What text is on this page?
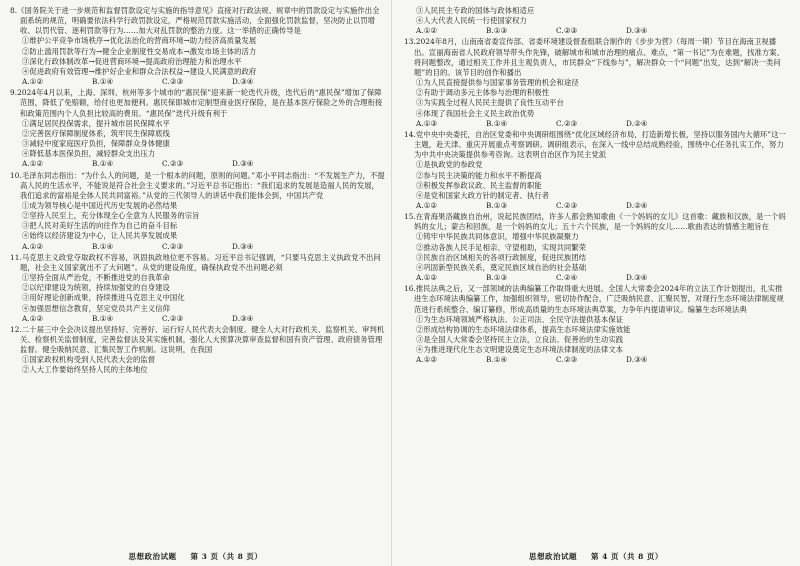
8.《国务院关于进一步规范和监督罚款设定与实施的指导意见》直接对行政法规、规章中的罚款设定与实施作出全面系统的规范，明确要依法科学行政罚款设定，严格规范罚款实施活动，全面强化罚款监督，坚决防止以罚增收、以罚代管、逐利罚款等行为……加大对乱罚款的整治力度。这一举措的正确传导是

①维护公平竞争市场秩序→优化法治化的营商环境→助力经济高质量发展

②防止滥用罚款等行为→健全企业制度性交易成本→激发市场主体的活力

③深化行政体制改革→促进营商环境→提高政府治理能力和治理水平

④促进政府有效管理→维护好企业和群众合法权益→建设人民满意的政府

A.①②	B.①④	C.②③	D.③④

9.2024年4月以来，上海、深圳、杭州等多个城市的“惠民保”迎来新一轮迭代升级，迭代后的“惠民保”增加了保障范围，降低了免赔额，给付也更加便利。惠民保即城市定制型商业医疗保险，是在基本医疗保险之外的合理衔接和政策范围内个人负担比较高的费用。“惠民保”迭代升级有利于

①满足居民投保需求，提升城市居民保障水平

②完善医疗保障制度体系，筑牢民生保障底线

③减轻中度家庭医疗负担，保障群众身体健康

④降低基本医保负担，减轻群众支出压力

A.①②	B.①④	C.②③	D.③④

10.毛泽东同志指出：“为什么人的问题，是一个根本的问题，原则的问题。”邓小平同志指出：“不发展生产力，不提高人民的生活水平，不能说是符合社会主义要求的。”习近平总书记指出：“我们追求的发展是造福人民的发展，我们追求的富裕是全体人民共同富裕。”从党的三代领导人的讲话中我们能体会到，中国共产党

①成为领导核心是中国近代历史发展的必然结果

②坚持人民至上，充分体现全心全意为人民服务的宗旨

③把人民对美好生活的向往作为自己的奋斗目标

④始终以经济建设为中心，让人民共享发展成果

A.①②	B.①④	C.②③	D.③④

11.马克思主义政党夺取政权不容易，巩固执政地位更不容易。习近平总书记强调，“只要马克思主义执政党不出问题，社会主义国家就出不了大问题”。从党的建设角度，确保执政党不出问题必须

①坚持全面从严治党，不断推进党的自我革命

②以纪律建设为统领，持续加强党的自身建设

③用好理论创新成果，持续推进马克思主义中国化

④加强思想信念教育，坚定党员共产主义信仰

A.①②	B.①④	C.②③	D.③④

12.二十届三中全会决议提出坚持好、完善好、运行好人民代表大会制度。健全人大对行政机关、监察机关、审判机关、检察机关监督制度，完善监督法及其实施机制，强化人大预算决算审查监督和国有资产管理、政府债务管理监督。健全吸纳民意、汇集民智工作机制。这说明，在我国

①国家政权机构受到人民代表大会的监督

②人大工作要始终坚持人民的主体地位

思想政治试题 第 3 页（共 8 页）

③人民民主专政的国体与政体相适应

④人大代表人民统一行使国家权力

A.①②	B.①③	C.②③	D.③④

13.2024年8月，山南南省委宣传部、省委环境建设督查组联合制作的《步步为营》（每周一期）节目在海南卫视播出。宣丽海南省人民政府领导带头作先锋，破解城市和城市治理的痛点、难点，“第一书记”为在难题，找准方案、将问题整改，通过相关工作并且主观负责人，市民群众“下线参与”，解决群众一个“问题”出发，达到“解决一类问题”的目的。该节目的创作和播出

①为人民直接提供参与国家事务管理的机会和途径

②有助于调动多元主体参与治理的积极性

③为实践全过程人民民主提供了良性互动平台

④体现了我国社会主义民主政治优势

A.①③	B.①④	C.②③	D.②④

14.党中央中央委托，自治区党委和中央调研组围绕“优化区域经济布局，打造新增长极，坚持以服务国内大循环”这一主题，赴天津、重庆开展重点考察调研。调研组表示，在深入一线中总结成熟经验，围绕中心任务扎实工作，努力为中共中央决策提供参考咨询。这表明自治区作为民主党派

①是执政党的参政党

②参与民主决策的能力和水平不断提高

③积极发挥参政议政、民主监督的职能

④是党和国家大政方针的制定者、执行者

A.①②	B.①③	C.②③	D.②④

15.在青海果洛藏族自治州，说起民族团结，许多人都会熟知歌曲《一个妈妈的女儿》这首歌：藏族和汉族，是一个妈妈的女儿；蒙古和回族，是一个妈妈的女儿；五十六个民族，是一个妈妈的女儿……歌曲表达的情感主题旨在

①铸牢中华民族共同体意识，增强中华民族凝聚力

②推动各族人民手足相亲、守望相助，实现共同繁荣

③民族自治区域相关的各项行政制度，促进民族团结

④巩固新型民族关系，奠定民族区域自治的社会基础

A.①②	B.①③	C.②④	D.③④

16.推民法典之后，又一部领域的法典编纂工作取得重大进展。全国人大常委会2024年的立法工作计划提出，扎实推进生态环境法典编纂工作，加强组织领导，密切协作配合，广泛吸纳民意、汇聚民智，对现行生态环境法律制度规范进行系统整合、编订纂修，形成高质量的生态环境法典草案，力争年内提请审议。编纂生态环境法典

①为生态环境领域严格执法、公正司法、全民守法提供基本保证

②形成结构协调的生态环境法律体系，提高生态环境法律实施效能

③是全国人大常委会坚持民主立法，立良法、促善治的生动实践

④为推进现代化生态文明建设奠定生态环境法律制度的法律文本

A.①②	B.①④	C.②③	D.③④

思想政治试题 第 4 页（共 8 页）
